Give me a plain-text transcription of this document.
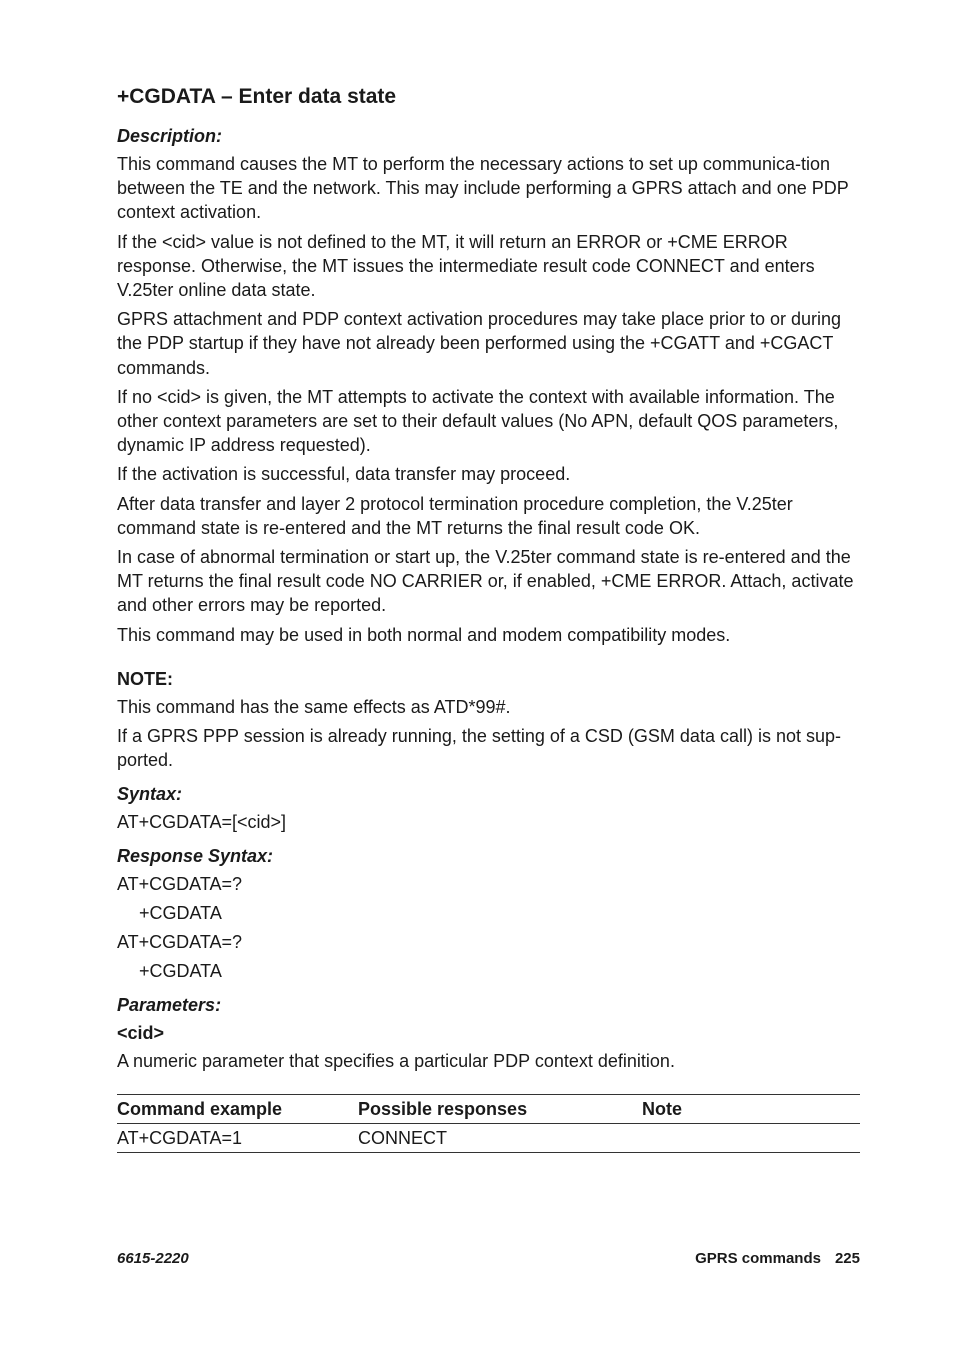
+CGDATA – Enter data state
Description:

This command causes the MT to perform the necessary actions to set up communica-tion between the TE and the network. This may include performing a GPRS attach and one PDP context activation.

If the <cid> value is not defined to the MT, it will return an ERROR or +CME ERROR response. Otherwise, the MT issues the intermediate result code CONNECT and enters V.25ter online data state.

GPRS attachment and PDP context activation procedures may take place prior to or during the PDP startup if they have not already been performed using the +CGATT and +CGACT commands.

If no <cid> is given, the MT attempts to activate the context with available information. The other context parameters are set to their default values (No APN, default QOS parameters, dynamic IP address requested).

If the activation is successful, data transfer may proceed.

After data transfer and layer 2 protocol termination procedure completion, the V.25ter command state is re-entered and the MT returns the final result code OK.

In case of abnormal termination or start up, the V.25ter command state is re-entered and the MT returns the final result code NO CARRIER or, if enabled, +CME ERROR. Attach, activate and other errors may be reported.

This command may be used in both normal and modem compatibility modes.

NOTE:

This command has the same effects as ATD*99#.

If a GPRS PPP session is already running, the setting of a CSD (GSM data call) is not sup-ported.

Syntax:
AT+CGDATA=[<cid>]
Response Syntax:
AT+CGDATA=?
+CGDATA
AT+CGDATA=?
+CGDATA
Parameters:
<cid>

A numeric parameter that specifies a particular PDP context definition.

Command example	Possible responses	Note
AT+CGDATA=1	CONNECT	
6615-2220	GPRS commands 225
